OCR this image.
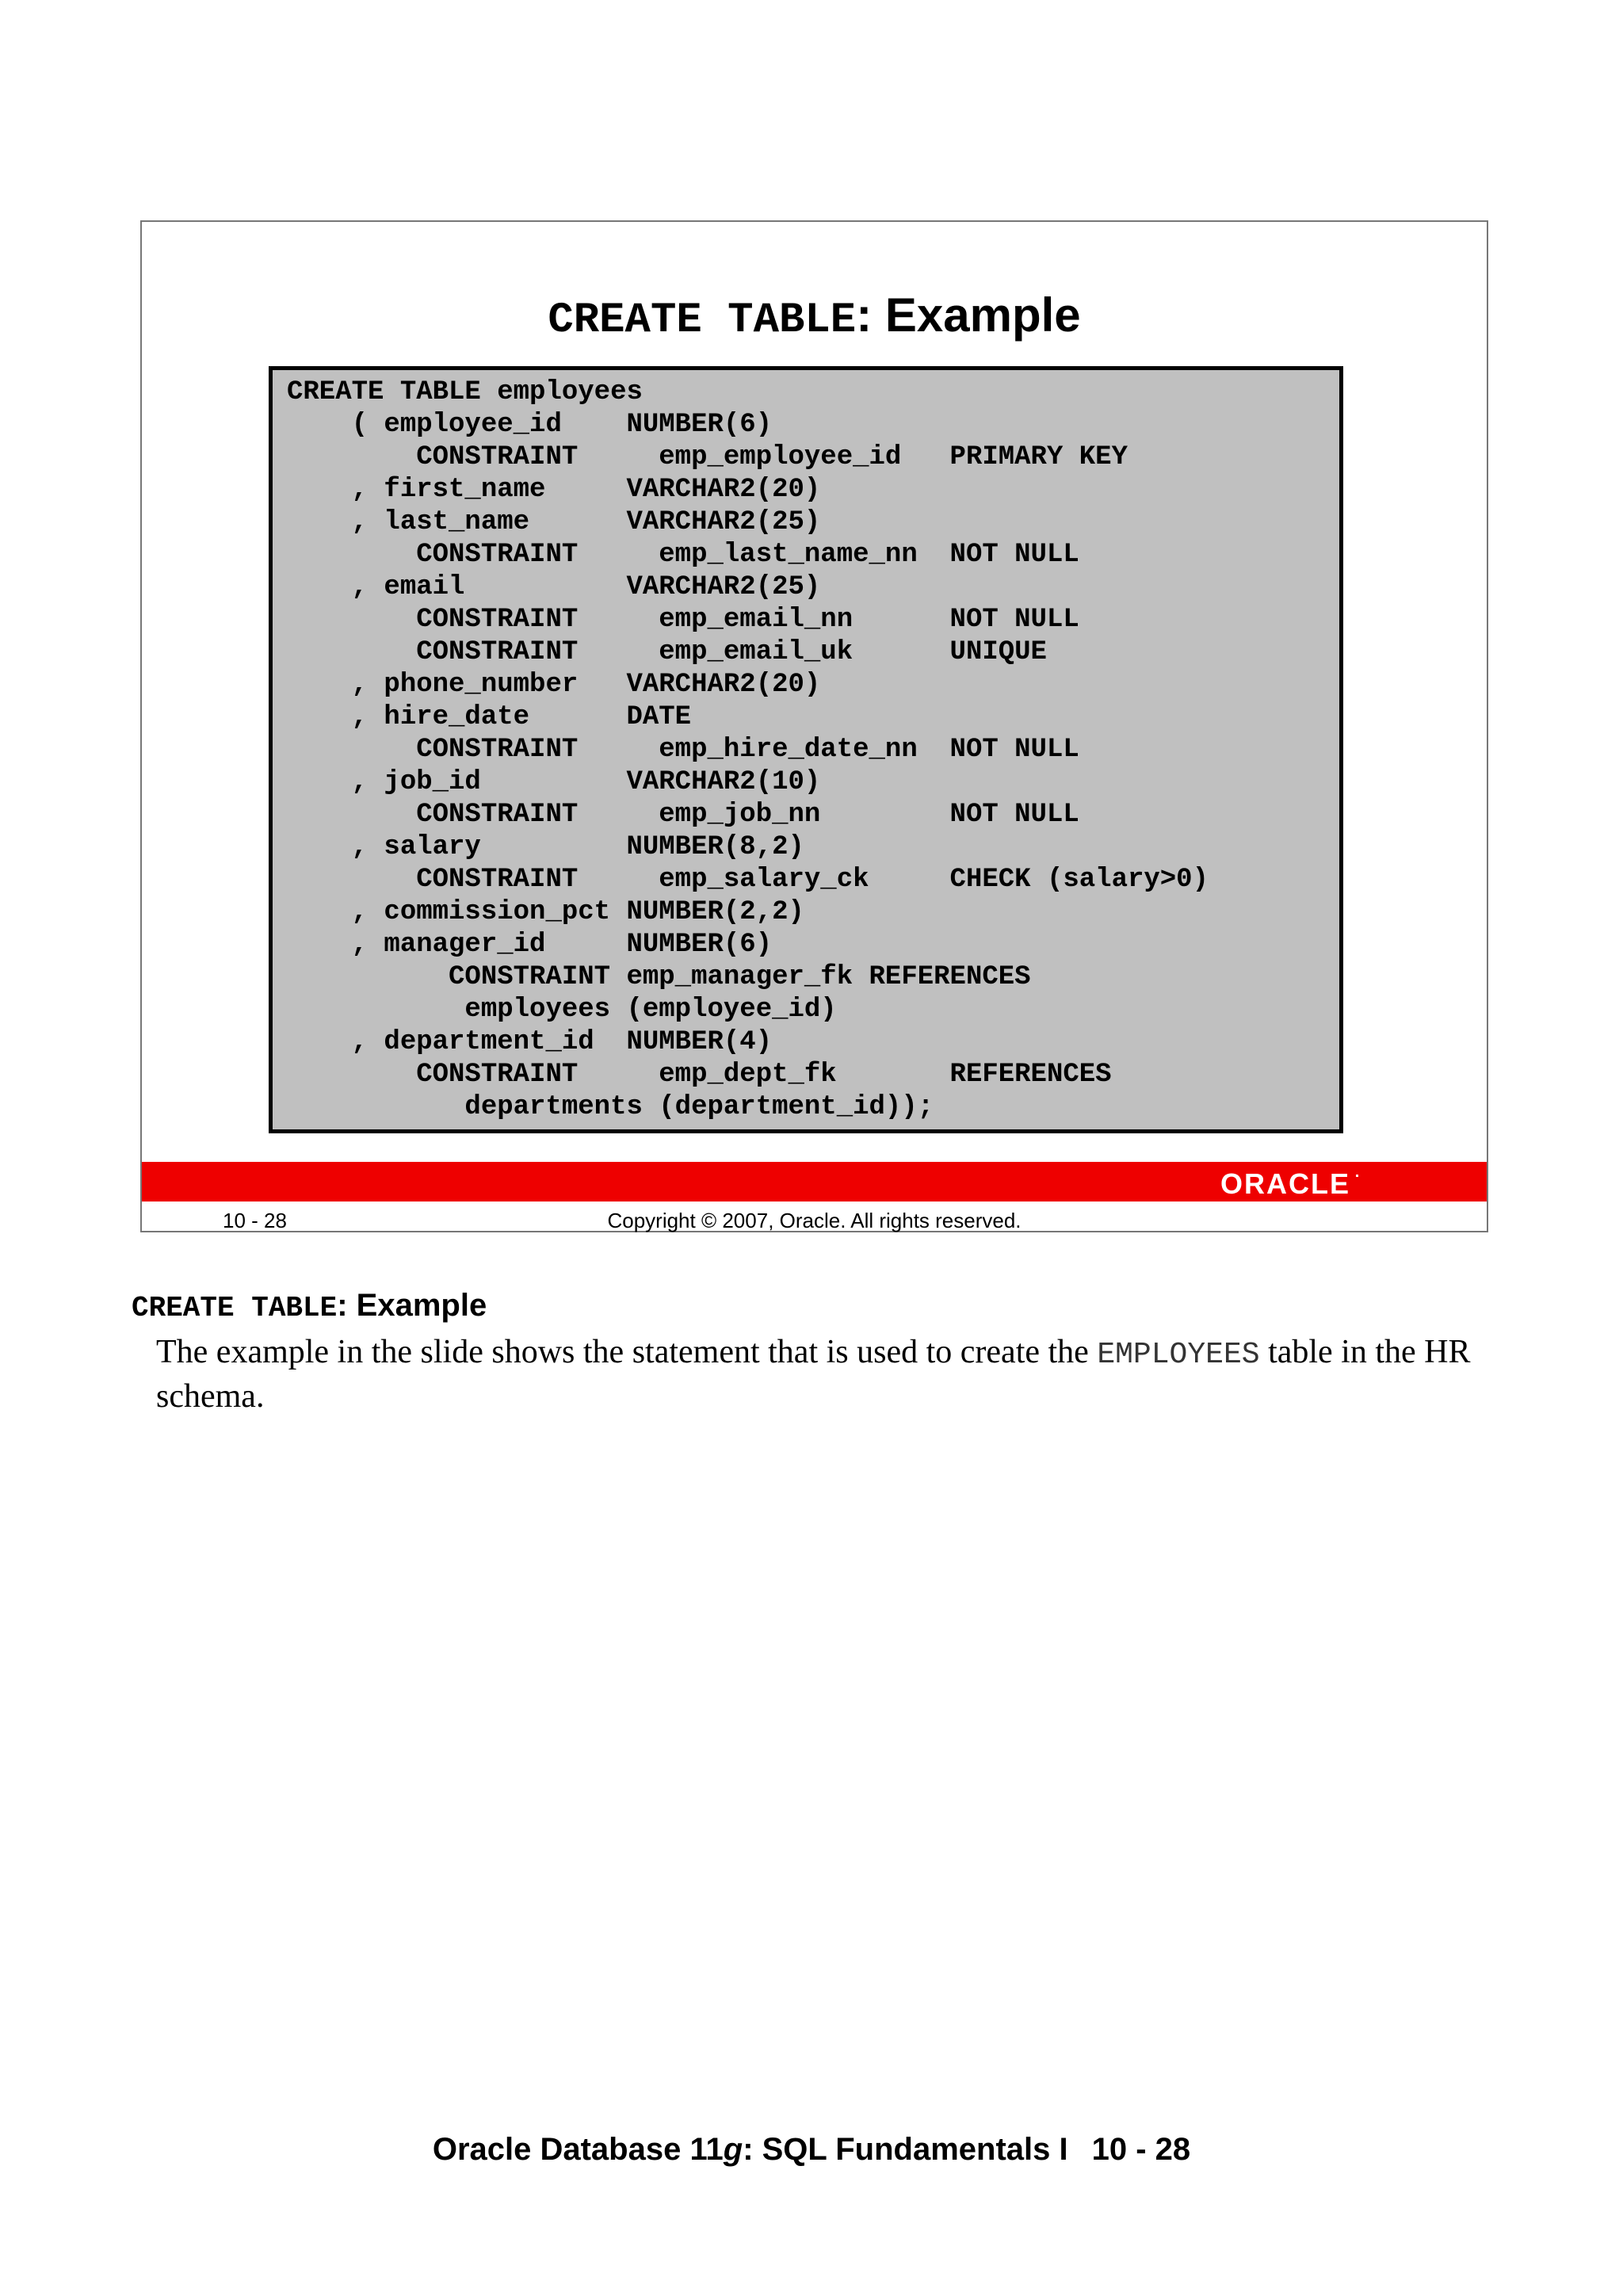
CREATE TABLE: Example
CREATE TABLE employees
( employee_id    NUMBER(6)
CONSTRAINT     emp_employee_id   PRIMARY KEY
, first_name     VARCHAR2(20)
, last_name      VARCHAR2(25)
CONSTRAINT     emp_last_name_nn  NOT NULL
, email          VARCHAR2(25)
CONSTRAINT     emp_email_nn      NOT NULL
CONSTRAINT     emp_email_uk      UNIQUE
, phone_number   VARCHAR2(20)
, hire_date      DATE
CONSTRAINT     emp_hire_date_nn  NOT NULL
, job_id         VARCHAR2(10)
CONSTRAINT     emp_job_nn        NOT NULL
, salary         NUMBER(8,2)
CONSTRAINT     emp_salary_ck     CHECK (salary>0)
, commission_pct NUMBER(2,2)
, manager_id     NUMBER(6)
CONSTRAINT emp_manager_fk REFERENCES
employees (employee_id)
, department_id  NUMBER(4)
CONSTRAINT     emp_dept_fk       REFERENCES
departments (department_id));
ORACLE
10 - 28	Copyright © 2007, Oracle. All rights reserved.
CREATE TABLE: Example
The example in the slide shows the statement that is used to create the EMPLOYEES table in the HR schema.
Oracle Database 11g: SQL Fundamentals I 10 - 28
